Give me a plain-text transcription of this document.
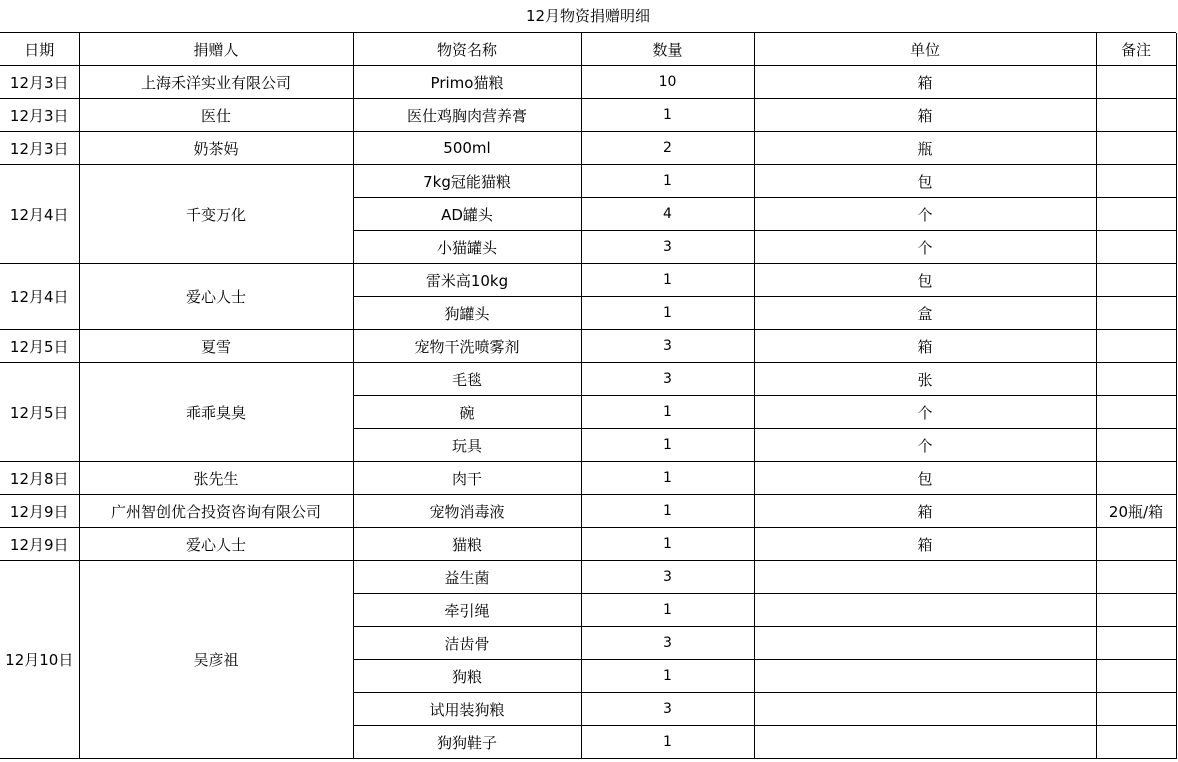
12月物资捐赠明细
日期	捐赠人	物资名称	数量	单位	备注
12月3日	上海禾洋实业有限公司	Primo猫粮	10	箱	
12月3日	医仕	医仕鸡胸肉营养膏	1	箱	
12月3日	奶茶妈	500ml	2	瓶	
12月4日	千变万化	7kg冠能猫粮	1	包	
		AD罐头	4	个	
		小猫罐头	3	个	
12月4日	爱心人士	雷米高10kg	1	包	
		狗罐头	1	盒	
12月5日	夏雪	宠物干洗喷雾剂	3	箱	
12月5日	乖乖臭臭	毛毯	3	张	
		碗	1	个	
		玩具	1	个	
12月8日	张先生	肉干	1	包	
12月9日	广州智创优合投资咨询有限公司	宠物消毒液	1	箱	20瓶/箱
12月9日	爱心人士	猫粮	1	箱	
12月10日	吴彦祖	益生菌	3		
		牵引绳	1		
		洁齿骨	3		
		狗粮	1		
		试用装狗粮	3		
		狗狗鞋子	1		
